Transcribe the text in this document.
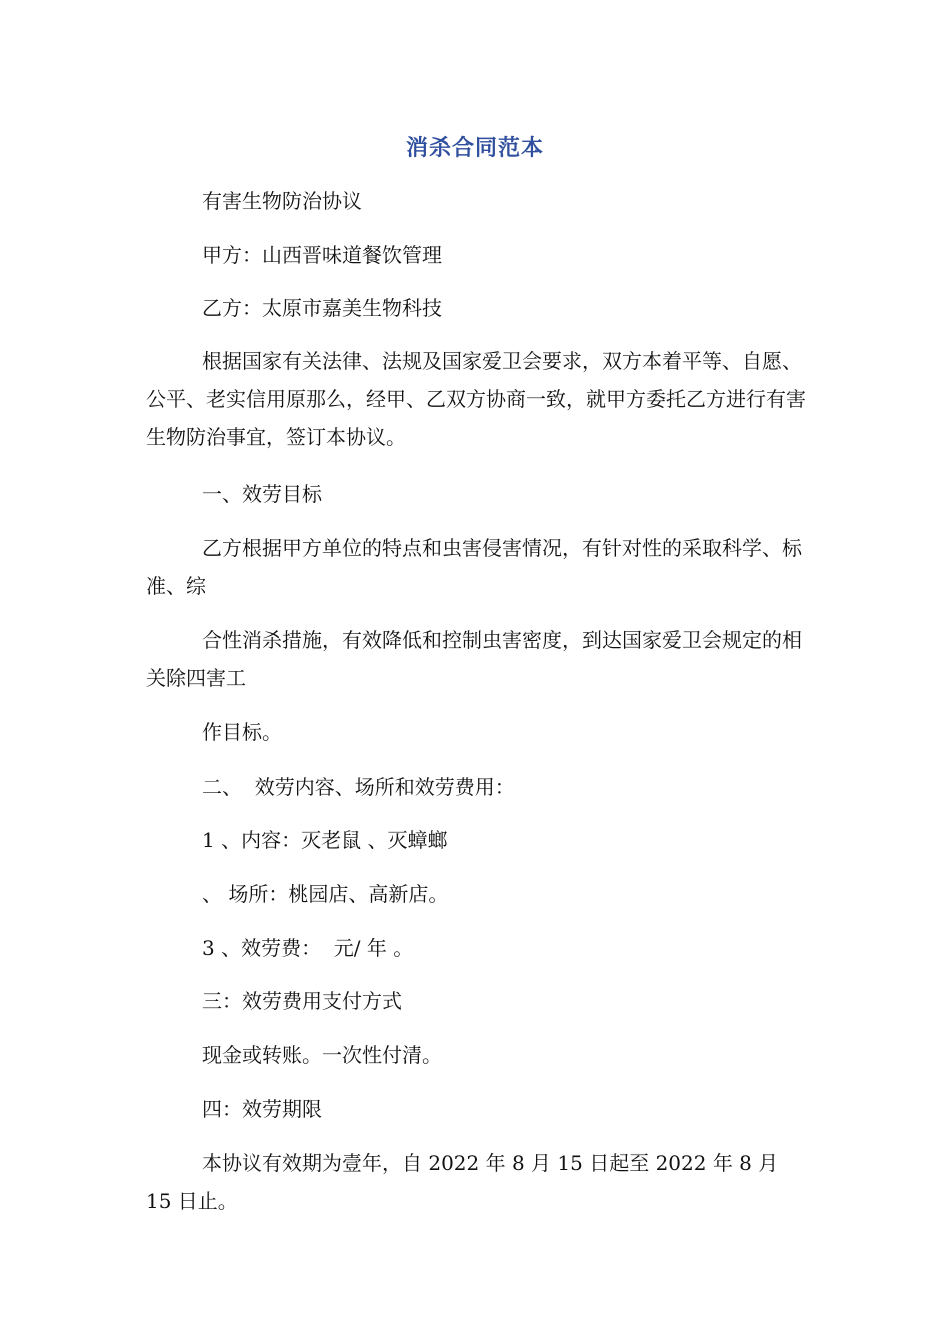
消杀合同范本

有害生物防治协议

甲方：山西晋味道餐饮管理

乙方：太原市嘉美生物科技

根据国家有关法律、法规及国家爱卫会要求，双方本着平等、自愿、公平、老实信用原那么，经甲、乙双方协商一致，就甲方委托乙方进行有害生物防治事宜，签订本协议。

一、效劳目标

乙方根据甲方单位的特点和虫害侵害情况，有针对性的采取科学、标准、综

合性消杀措施，有效降低和控制虫害密度，到达国家爱卫会规定的相关除四害工

作目标。

二、  效劳内容、场所和效劳费用：

1 、内容：灭老鼠 、灭蟑螂

、 场所：桃园店、高新店。

3 、效劳费：  元/ 年 。

三：效劳费用支付方式

现金或转账。一次性付清。

四：效劳期限

本协议有效期为壹年，自 2022 年 8 月 15 日起至 2022 年 8 月 15 日止。
